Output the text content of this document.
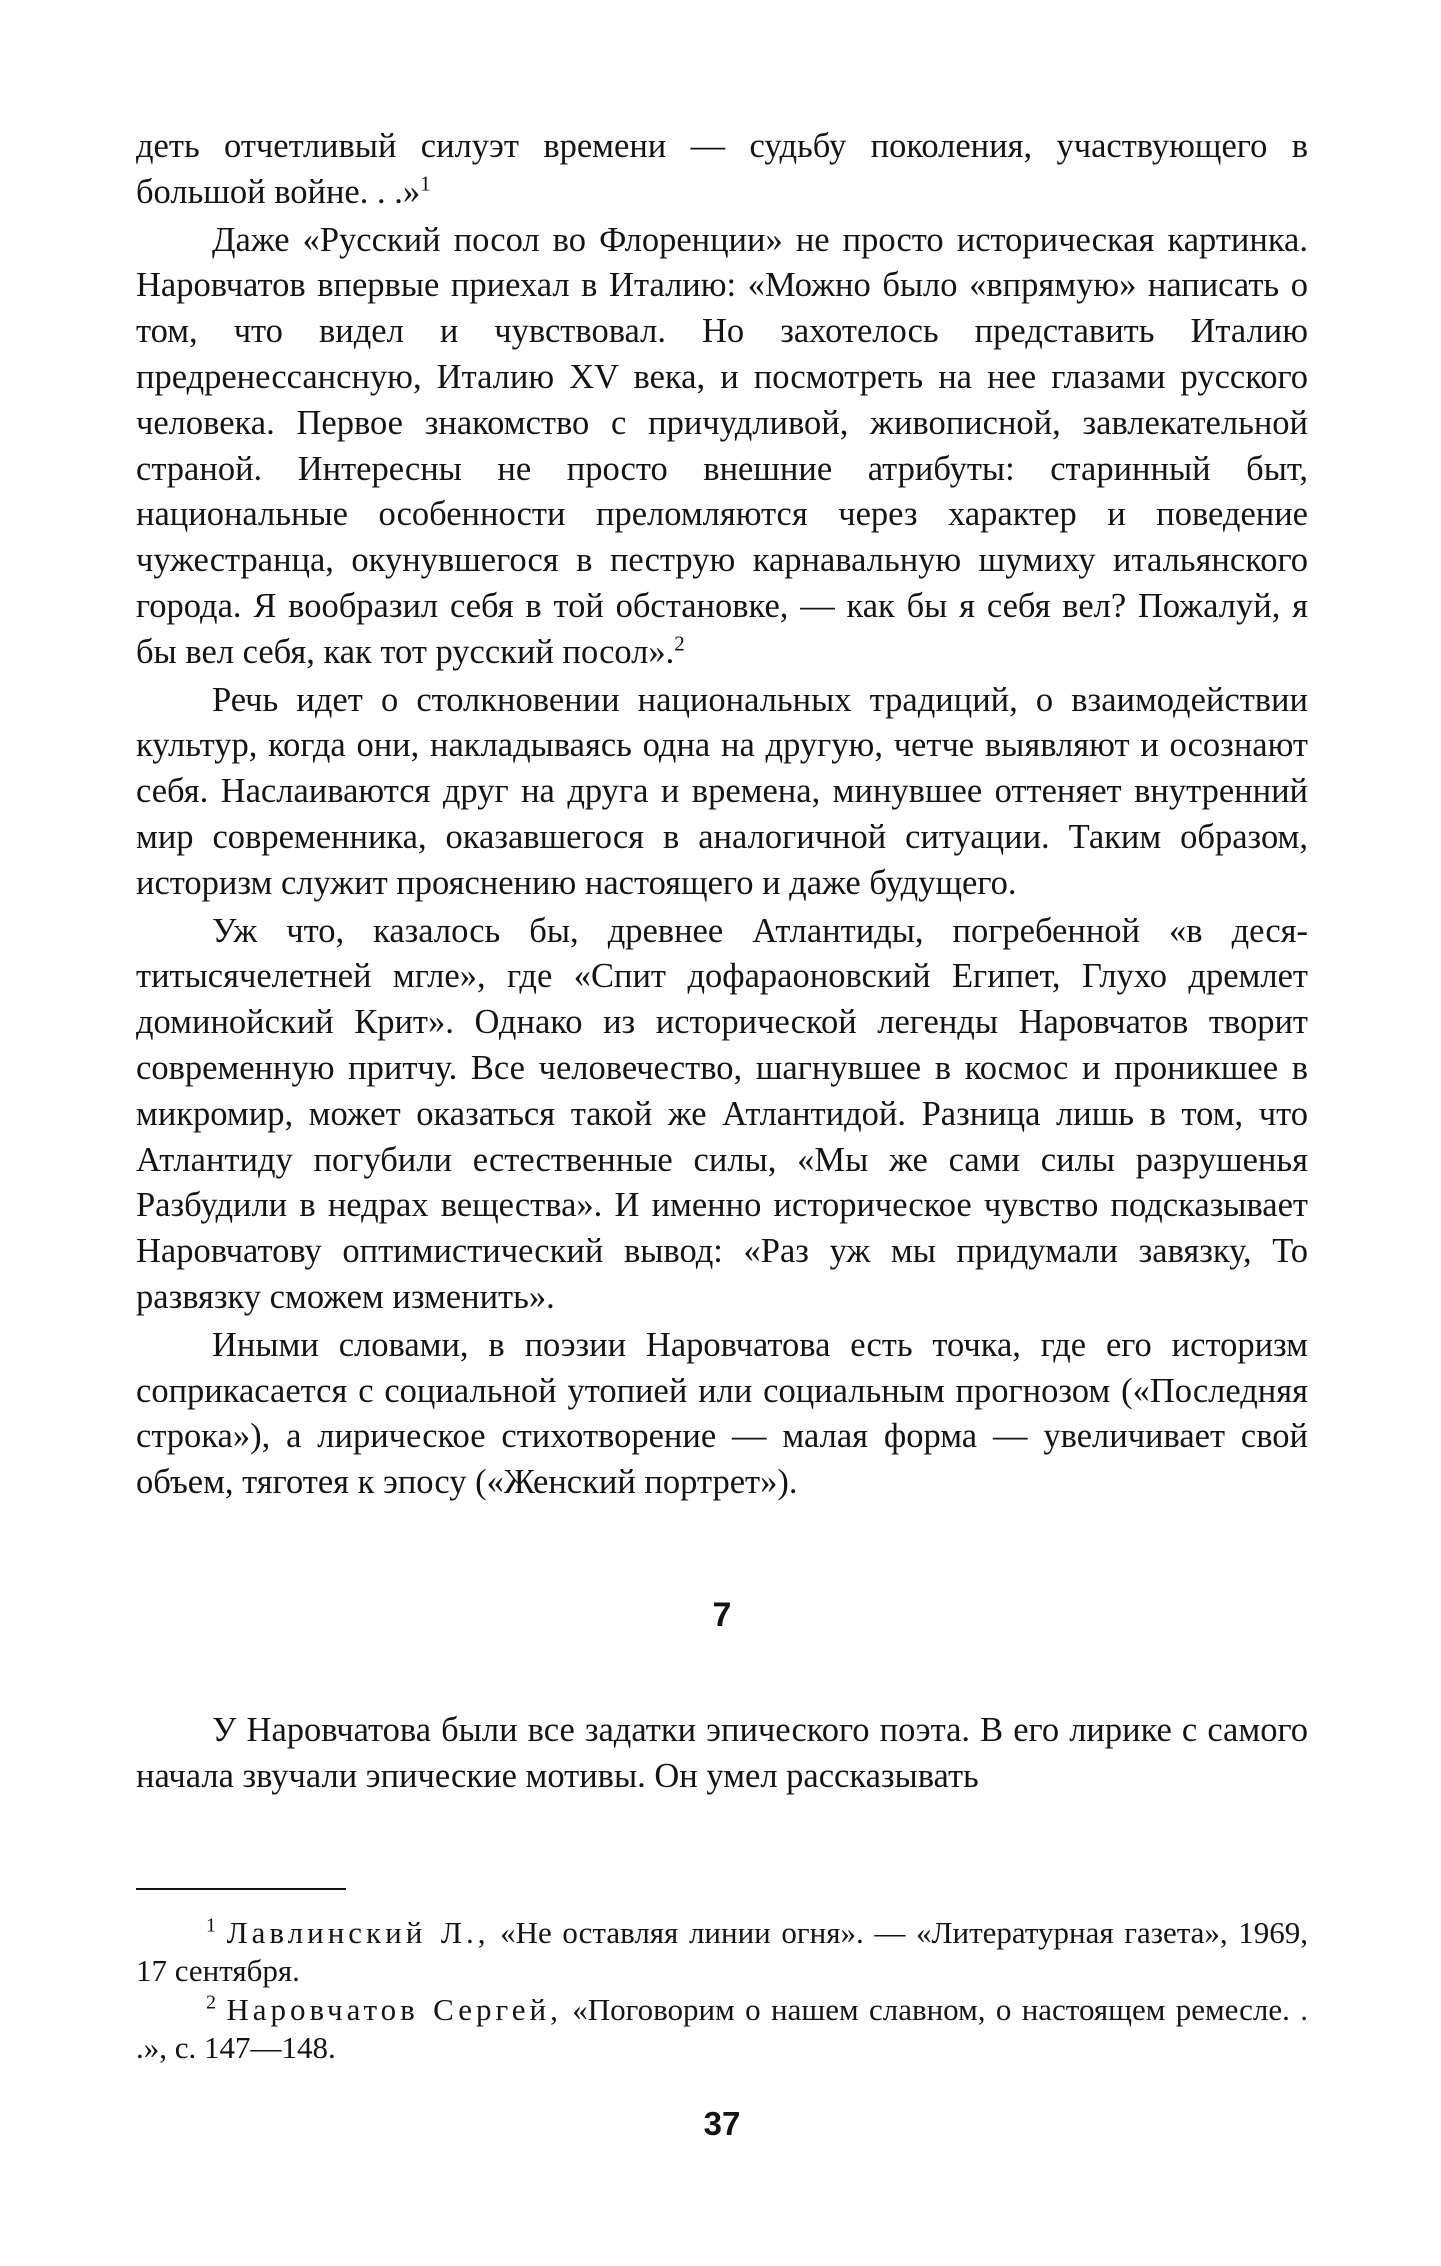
деть отчетливый силуэт времени — судьбу поколения, участвующего в большой войне. . .»$^1$

Даже «Русский посол во Флоренции» не просто историческая картинка. Наровчатов впервые приехал в Италию: «Можно было «впрямую» написать о том, что видел и чувствовал. Но захотелось представить Италию предренессансную, Италию XV века, и посмотреть на нее глазами русского человека. Первое знакомство с причудливой, живописной, завлекательной страной. Интересны не просто внешние атрибуты: старинный быт, национальные особенности преломляются через характер и поведение чужестранца, окунувшегося в пеструю карнавальную шумиху итальянского города. Я вообразил себя в той обстановке, — как бы я себя вел? Пожалуй, я бы вел себя, как тот русский посол».$^2$

Речь идет о столкновении национальных традиций, о взаимодействии культур, когда они, накладываясь одна на другую, четче выявляют и осознают себя. Наслаиваются друг на друга и времена, минувшее оттеняет внутренний мир современника, оказавшегося в аналогичной ситуации. Таким образом, историзм служит прояснению настоящего и даже будущего.

Уж что, казалось бы, древнее Атлантиды, погребенной «в десятитысячелетней мгле», где «Спит дофараоновский Египет, Глухо дремлет доминойский Крит». Однако из исторической легенды Наровчатов творит современную притчу. Все человечество, шагнувшее в космос и проникшее в микромир, может оказаться такой же Атлантидой. Разница лишь в том, что Атлантиду погубили естественные силы, «Мы же сами силы разрушенья Разбудили в недрах вещества». И именно историческое чувство подсказывает Наровчатову оптимистический вывод: «Раз уж мы придумали завязку, То развязку сможем изменить».

Иными словами, в поэзии Наровчатова есть точка, где его историзм соприкасается с социальной утопией или социальным прогнозом («Последняя строка»), а лирическое стихотворение — малая форма — увеличивает свой объем, тяготея к эпосу («Женский портрет»).

7

У Наровчатова были все задатки эпического поэта. В его лирике с самого начала звучали эпические мотивы. Он умел рассказывать

$^1$ Лавлинский Л., «Не оставляя линии огня». — «Литературная газета», 1969, 17 сентября.

$^2$ Наровчатов Сергей, «Поговорим о нашем славном, о настоящем ремесле. . .», с. 147—148.

37
